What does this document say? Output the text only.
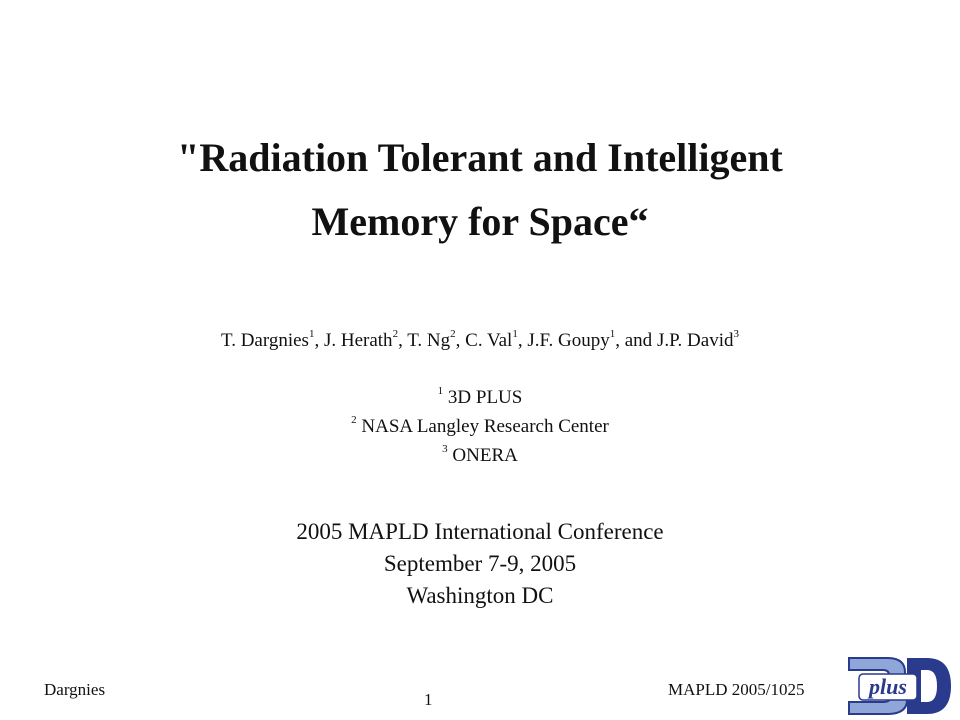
"Radiation Tolerant and Intelligent
Memory for Space“
T. Dargnies$^1$, J. Herath$^2$, T. Ng$^2$, C. Val$^1$, J.F. Goupy$^1$, and J.P. David$^3$
$^1$ 3D PLUS
$^2$ NASA Langley Research Center
$^3$ ONERA
2005 MAPLD International Conference
September 7-9, 2005
Washington DC
Dargnies
1
MAPLD 2005/1025	plus
